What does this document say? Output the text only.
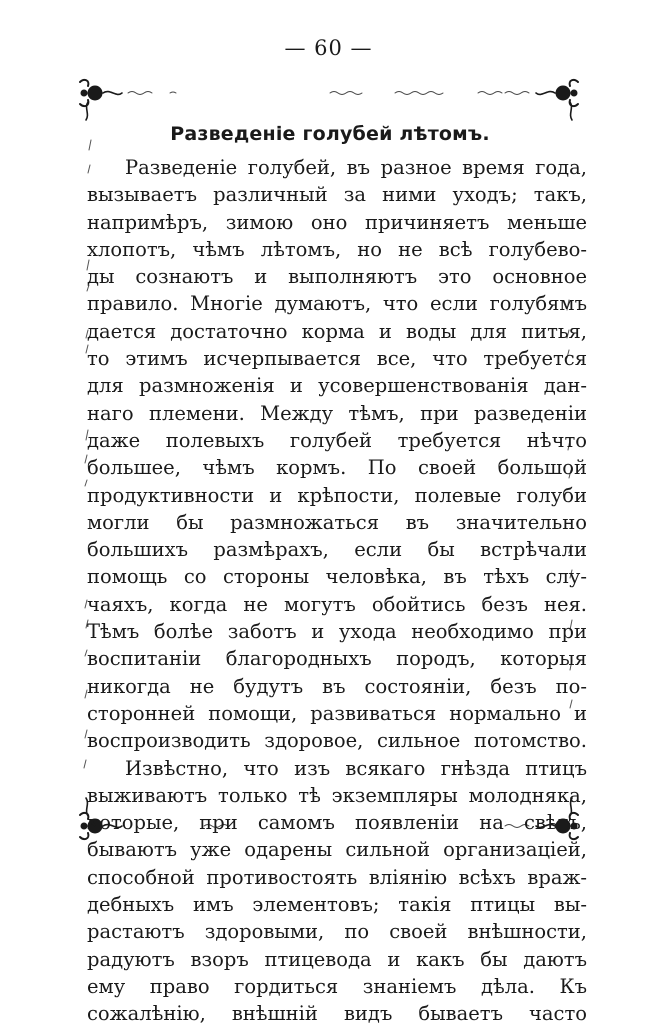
— 60 —
Разведеніе голубей лѣтомъ.
Разведеніе голубей, въ разное время года,
вызываетъ различный за ними уходъ; такъ,
напримѣръ, зимою оно причиняетъ меньше
хлопотъ, чѣмъ лѣтомъ, но не всѣ голубево-
ды сознаютъ и выполняютъ это основное
правило. Многіе думаютъ, что если голубямъ
дается достаточно корма и воды для питья,
то этимъ исчерпывается все, что требуется
для размноженія и усовершенствованія дан-
наго племени. Между тѣмъ, при разведеніи
даже полевыхъ голубей требуется нѣчто
большее, чѣмъ кормъ. По своей большой
продуктивности и крѣпости, полевые голуби
могли бы размножаться въ значительно
большихъ размѣрахъ, если бы встрѣчали
помощь со стороны человѣка, въ тѣхъ слу-
чаяхъ, когда не могутъ обойтись безъ нея.
Тѣмъ болѣе заботъ и ухода необходимо при
воспитаніи благородныхъ породъ, которыя
никогда не будутъ въ состояніи, безъ по-
сторонней помощи, развиваться нормально и
воспроизводить здоровое, сильное потомство.
Извѣстно, что изъ всякаго гнѣзда птицъ
выживаютъ только тѣ экземпляры молодняка,
которые, при самомъ появленіи на свѣтъ,
бываютъ уже одарены сильной организаціей,
способной противостоять вліянію всѣхъ враж-
дебныхъ имъ элементовъ; такія птицы вы-
растаютъ здоровыми, по своей внѣшности,
радуютъ взоръ птицевода и какъ бы даютъ
ему право гордиться знаніемъ дѣла. Къ
сожалѣнію, внѣшній видъ бываетъ часто
